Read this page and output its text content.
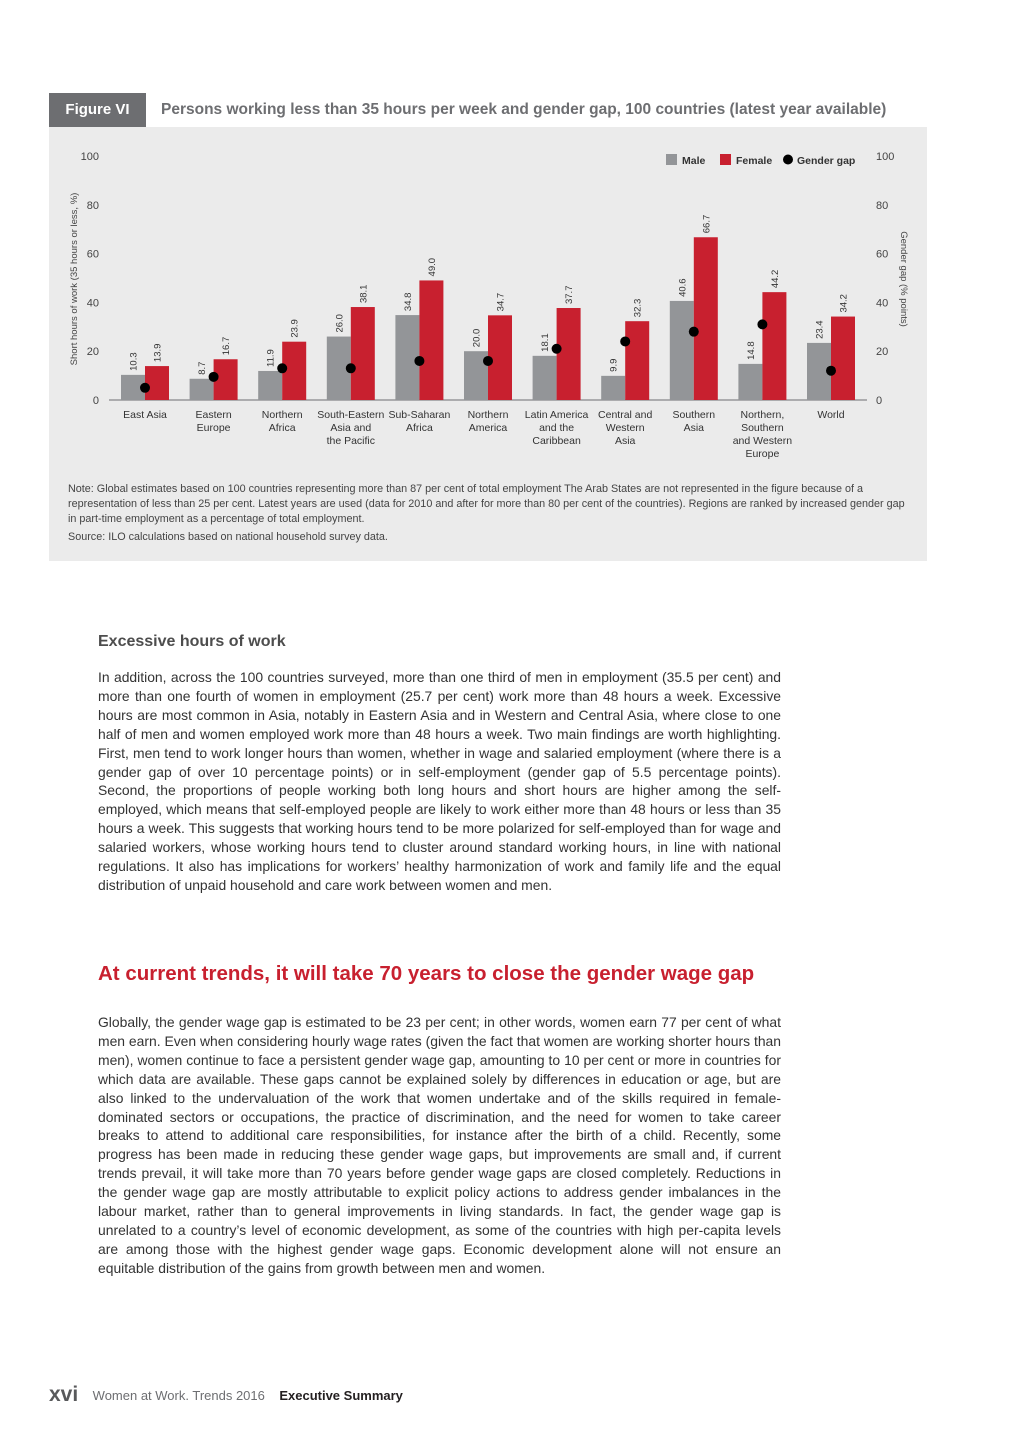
Figure VI	Persons working less than 35 hours per week and gender gap, 100 countries (latest year available)
0	0
20	20
40	40
60	60
80	80
100	100
Short hours of work (35 hours or less, %)	Gender gap (% points)
10.3 13.9
East Asia
8.7
16.7
Eastern
Europe
11.9
23.9
Northern
Africa
26.0
38.1
South-Eastern
Asia and
the Pacific
34.8
49.0
Sub-Saharan
Africa
20.0
34.7
Northern
America
18.1
37.7
Latin America
and the
Caribbean
9.9
32.3
Central and
Western
Asia
40.6
66.7
Southern
Asia
14.8
44.2
Northern,
Southern
and Western
Europe
23.4
34.2
World
Male	Female Gender gap

Note: Global estimates based on 100 countries representing more than 87 per cent of total employment The Arab States are not represented in the figure because of a representation of less than 25 per cent. Latest years are used (data for 2010 and after for more than 80 per cent of the countries). Regions are ranked by increased gender gap in part-time employment as a percentage of total employment.

Source: ILO calculations based on national household survey data.

Excessive hours of work

In addition, across the 100 countries surveyed, more than one third of men in employment (35.5 per cent) and more than one fourth of women in employment (25.7 per cent) work more than 48 hours a week. Excessive hours are most common in Asia, notably in Eastern Asia and in Western and Central Asia, where close to one half of men and women employed work more than 48 hours a week. Two main findings are worth highlighting. First, men tend to work longer hours than women, whether in wage and salaried employment (where there is a gender gap of over 10 percentage points) or in self-employment (gender gap of 5.5 percentage points). Second, the proportions of people working both long hours and short hours are higher among the self-employed, which means that self-employed people are likely to work either more than 48 hours or less than 35 hours a week. This suggests that working hours tend to be more polarized for self-employed than for wage and salaried workers, whose working hours tend to cluster around standard working hours, in line with national regulations. It also has implications for workers’ healthy harmonization of work and family life and the equal distribution of unpaid household and care work between women and men.

At current trends, it will take 70 years to close the gender wage gap

Globally, the gender wage gap is estimated to be 23 per cent; in other words, women earn 77 per cent of what men earn. Even when considering hourly wage rates (given the fact that women are working shorter hours than men), women continue to face a persistent gender wage gap, amounting to 10 per cent or more in countries for which data are available. These gaps cannot be explained solely by differences in education or age, but are also linked to the undervaluation of the work that women undertake and of the skills required in female-dominated sectors or occupations, the practice of discrimination, and the need for women to take career breaks to attend to additional care responsibilities, for instance after the birth of a child. Recently, some progress has been made in reducing these gender wage gaps, but improvements are small and, if current trends prevail, it will take more than 70 years before gender wage gaps are closed completely. Reductions in the gender wage gap are mostly attributable to explicit policy actions to address gender imbalances in the labour market, rather than to general improvements in living standards. In fact, the gender wage gap is unrelated to a country’s level of economic development, as some of the countries with high per-capita levels are among those with the highest gender wage gaps. Economic development alone will not ensure an equitable distribution of the gains from growth between men and women.

xvi Women at Work. Trends 2016 Executive Summary
